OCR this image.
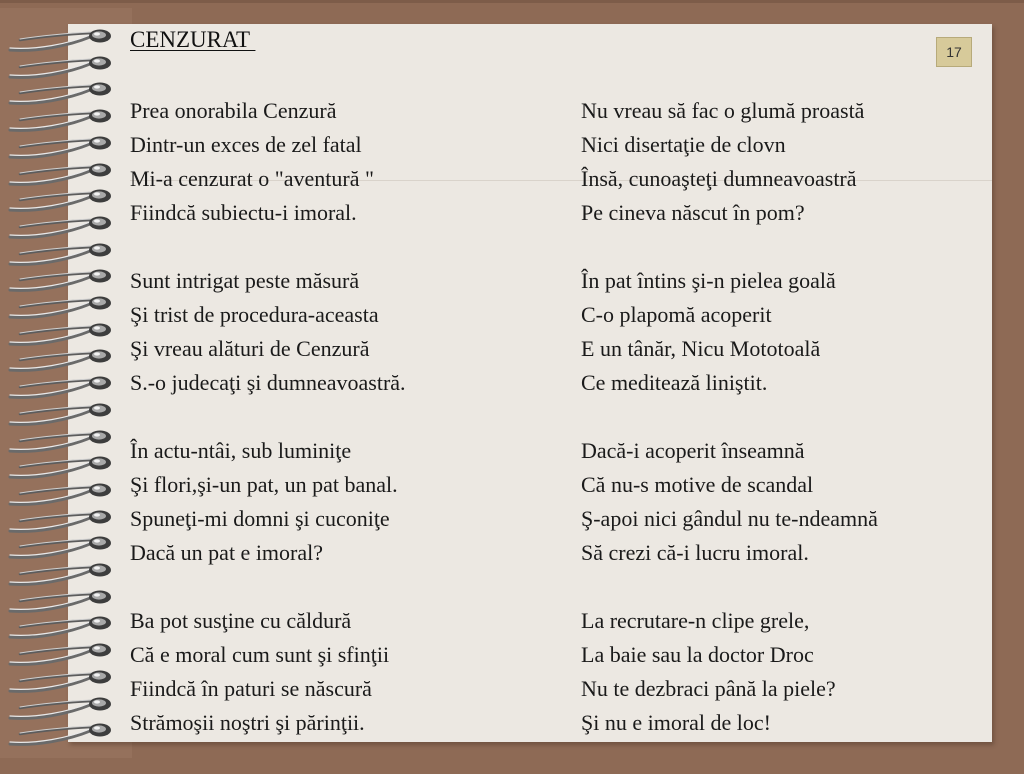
17
CENZURAT
Prea onorabila Cenzură
Dintr-un exces de zel fatal
Mi-a cenzurat o "aventură "
Fiindcă subiectu-i imoral.
Sunt intrigat peste măsură
Şi trist de procedura-aceasta
Şi vreau alături de Cenzură
S.-o judecaţi şi dumneavoastră.
În actu-ntâi, sub luminiţe
Şi flori,şi-un pat, un pat banal.
Spuneţi-mi domni şi cuconiţe
Dacă un pat e imoral?
Ba pot susţine cu căldură
Că e moral cum sunt şi sfinţii
Fiindcă în paturi se născură
Strămoşii noştri şi părinţii.
Nu vreau să fac o glumă proastă
Nici disertaţie de clovn
Însă, cunoaşteţi dumneavoastră
Pe cineva născut în pom?
În pat întins şi-n pielea goală
C-o plapomă acoperit
E un tânăr, Nicu Mototoală
Ce meditează liniştit.
Dacă-i acoperit înseamnă
Că nu-s motive de scandal
Ş-apoi nici gândul nu te-ndeamnă
Să crezi că-i lucru imoral.
La recrutare-n clipe grele,
La baie sau la doctor Droc
Nu te dezbraci până la piele?
Şi nu e imoral de loc!
